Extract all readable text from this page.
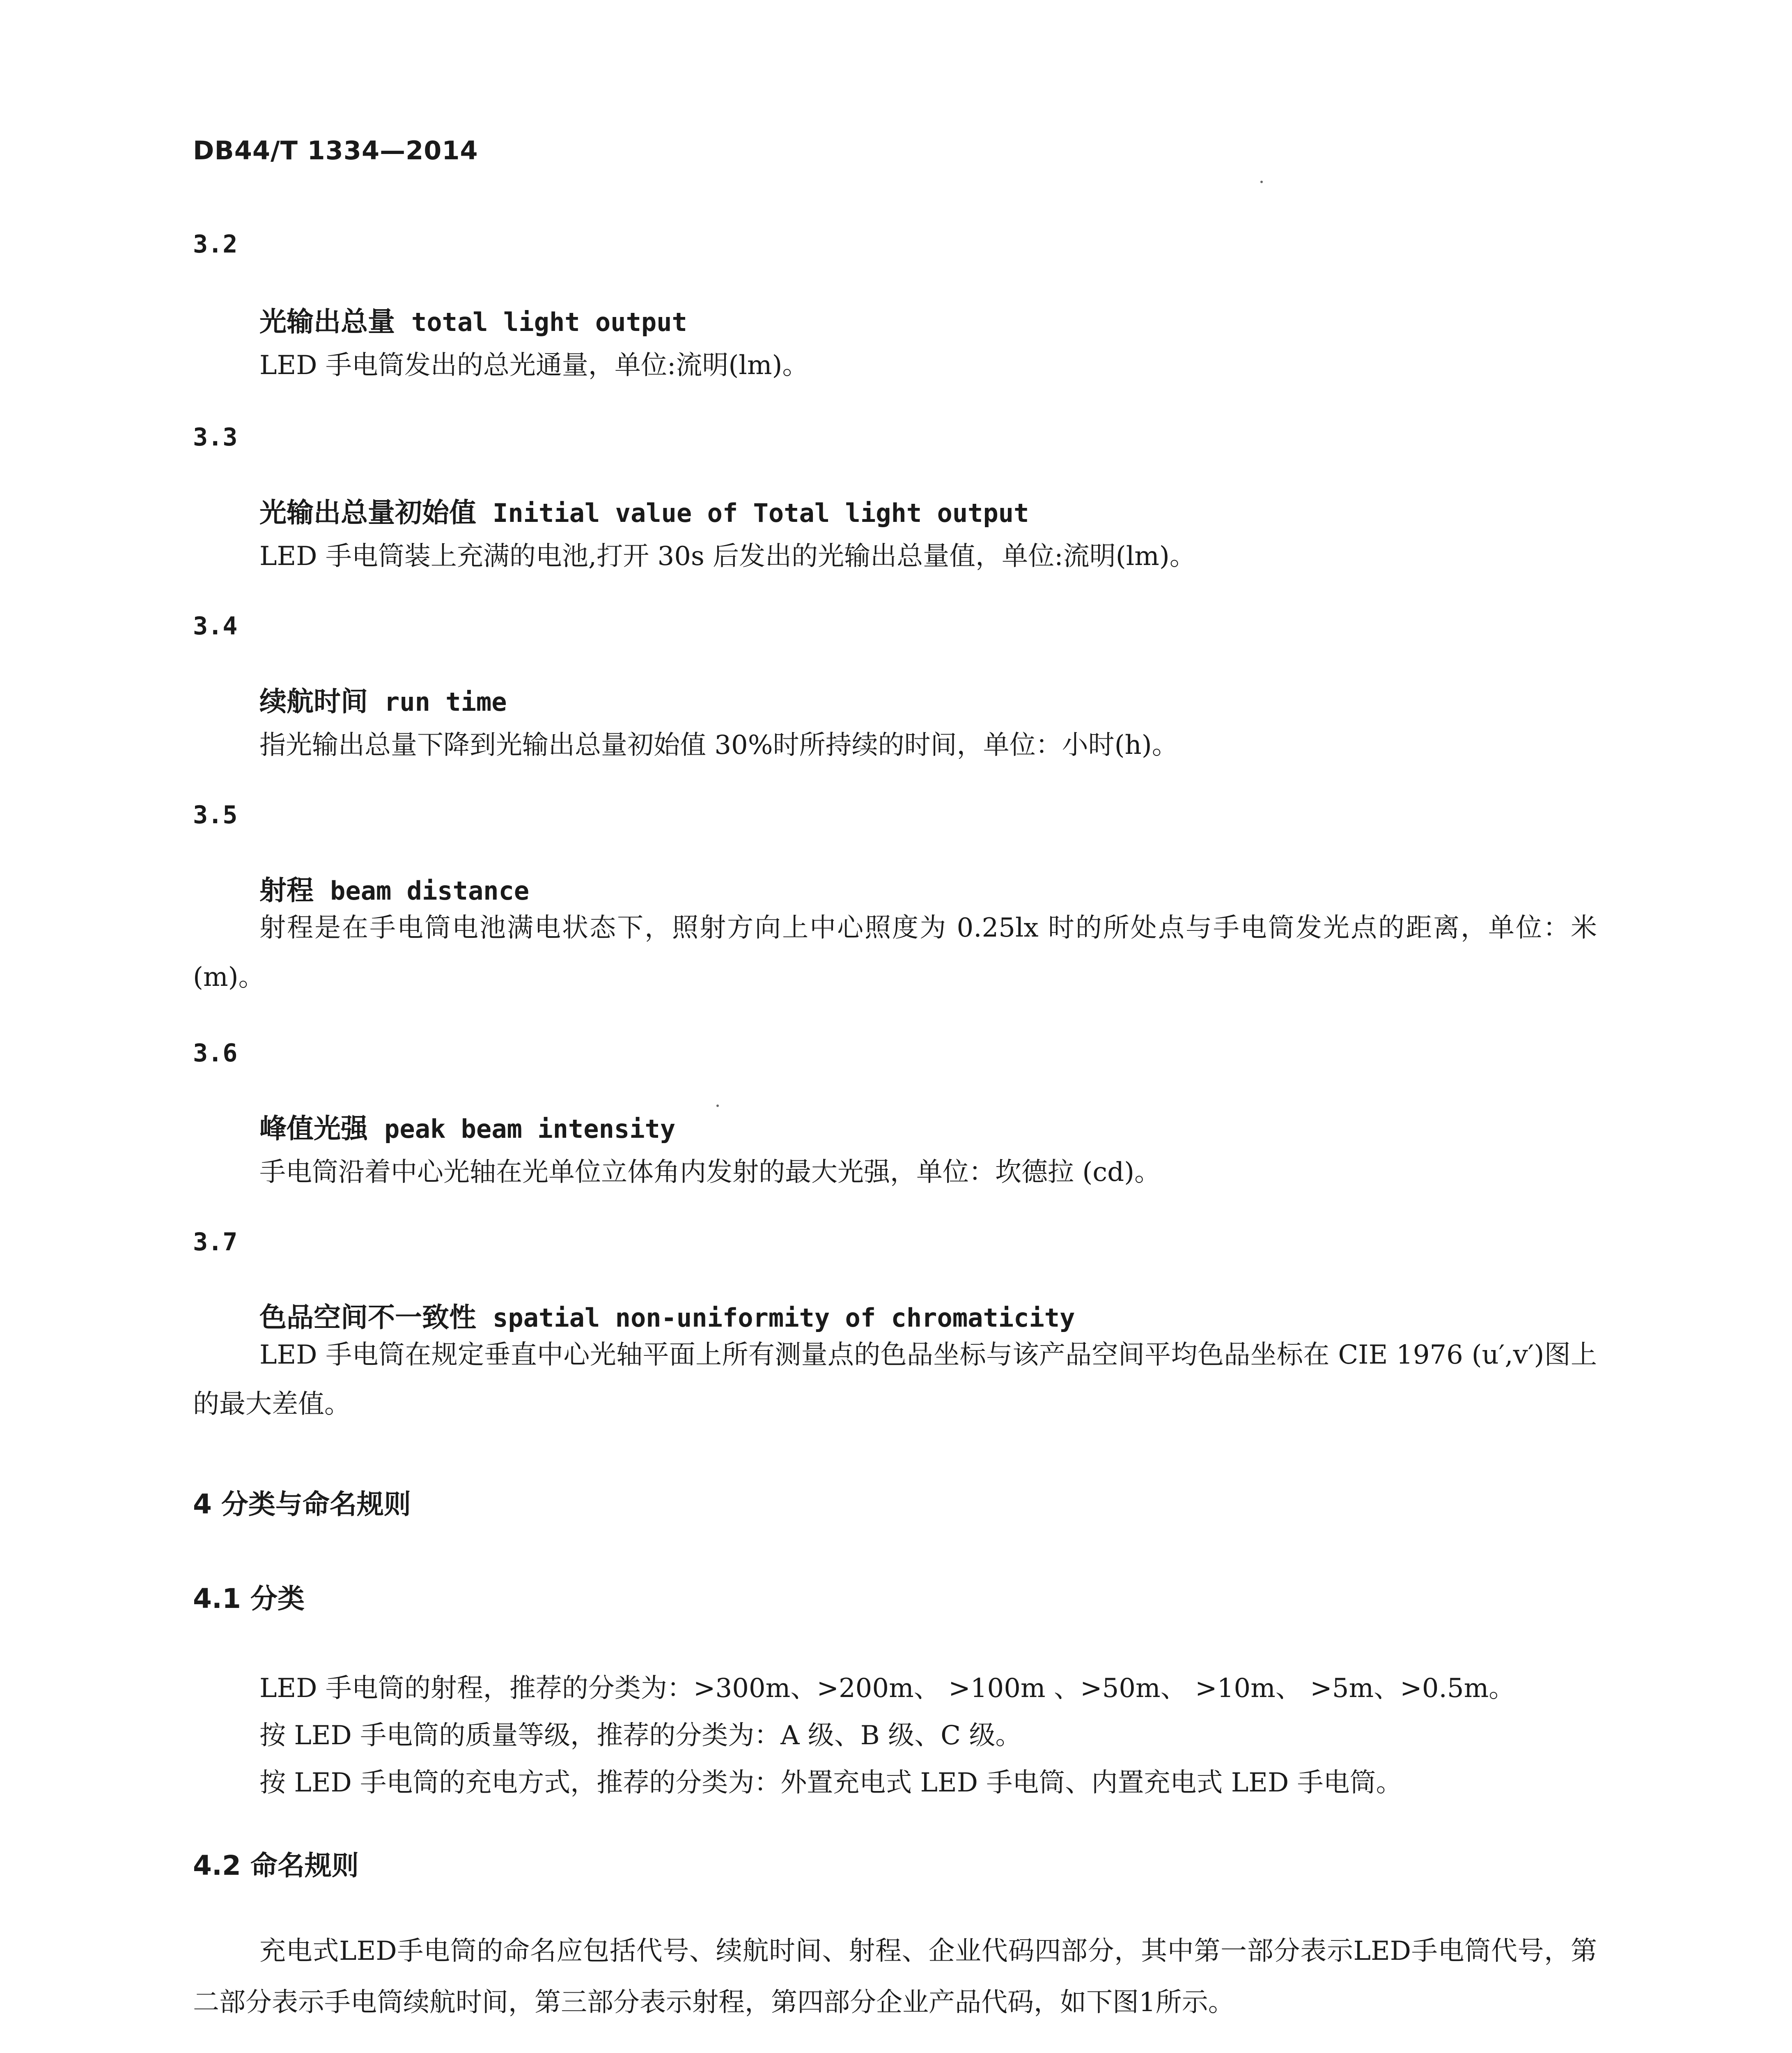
DB44/T 1334—2014
3.2
光输出总量 total light output
LED 手电筒发出的总光通量，单位:流明(lm)。
3.3
光输出总量初始值 Initial value of Total light output
LED 手电筒装上充满的电池,打开 30s 后发出的光输出总量值，单位:流明(lm)。
3.4
续航时间 run time
指光输出总量下降到光输出总量初始值 30%时所持续的时间，单位：小时(h)。
3.5
射程 beam distance
射程是在手电筒电池满电状态下，照射方向上中心照度为 0.25lx 时的所处点与手电筒发光点的距离，单位：米(m)。
3.6
峰值光强 peak beam intensity
手电筒沿着中心光轴在光单位立体角内发射的最大光强，单位：坎德拉 (cd)。
3.7
色品空间不一致性 spatial non-uniformity of chromaticity
LED 手电筒在规定垂直中心光轴平面上所有测量点的色品坐标与该产品空间平均色品坐标在 CIE 1976 (u′,v′)图上的最大差值。
4 分类与命名规则
4.1 分类
LED 手电筒的射程，推荐的分类为：>300m、>200m、 >100m 、>50m、 >10m、 >5m、>0.5m。
按 LED 手电筒的质量等级，推荐的分类为：A 级、B 级、C 级。
按 LED 手电筒的充电方式，推荐的分类为：外置充电式 LED 手电筒、内置充电式 LED 手电筒。
4.2 命名规则
充电式LED手电筒的命名应包括代号、续航时间、射程、企业代码四部分，其中第一部分表示LED手电筒代号，第二部分表示手电筒续航时间，第三部分表示射程，第四部分企业产品代码，如下图1所示。
